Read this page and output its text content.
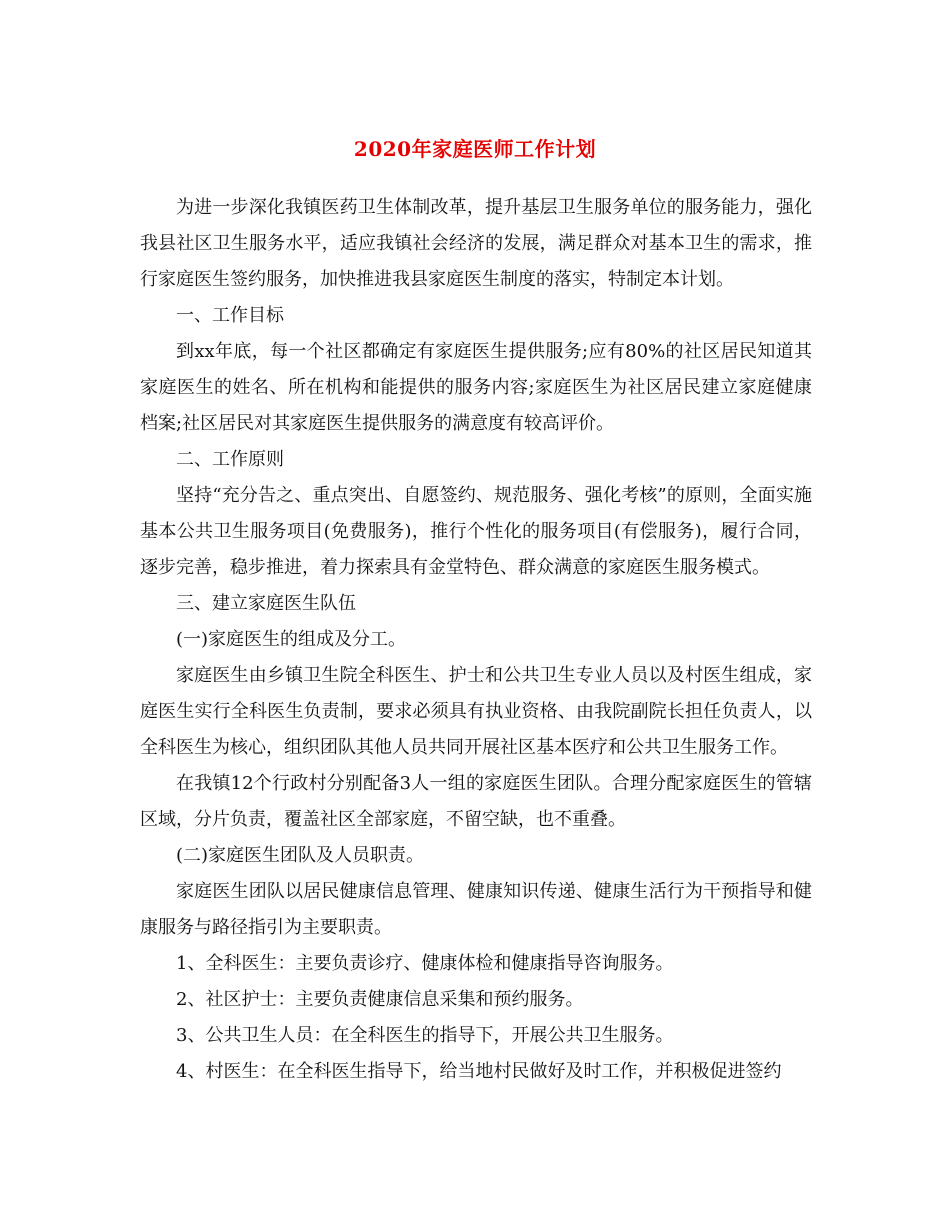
2020年家庭医师工作计划

为进一步深化我镇医药卫生体制改革，提升基层卫生服务单位的服务能力，强化我县社区卫生服务水平，适应我镇社会经济的发展，满足群众对基本卫生的需求，推行家庭医生签约服务，加快推进我县家庭医生制度的落实，特制定本计划。

一、工作目标

到xx年底，每一个社区都确定有家庭医生提供服务;应有80%的社区居民知道其家庭医生的姓名、所在机构和能提供的服务内容;家庭医生为社区居民建立家庭健康档案;社区居民对其家庭医生提供服务的满意度有较高评价。

二、工作原则

坚持“充分告之、重点突出、自愿签约、规范服务、强化考核”的原则，全面实施基本公共卫生服务项目(免费服务)，推行个性化的服务项目(有偿服务)，履行合同，逐步完善，稳步推进，着力探索具有金堂特色、群众满意的家庭医生服务模式。

三、建立家庭医生队伍

(一)家庭医生的组成及分工。

家庭医生由乡镇卫生院全科医生、护士和公共卫生专业人员以及村医生组成，家庭医生实行全科医生负责制，要求必须具有执业资格、由我院副院长担任负责人，以全科医生为核心，组织团队其他人员共同开展社区基本医疗和公共卫生服务工作。

在我镇12个行政村分别配备3人一组的家庭医生团队。合理分配家庭医生的管辖区域，分片负责，覆盖社区全部家庭，不留空缺，也不重叠。

(二)家庭医生团队及人员职责。

家庭医生团队以居民健康信息管理、健康知识传递、健康生活行为干预指导和健康服务与路径指引为主要职责。

1、全科医生：主要负责诊疗、健康体检和健康指导咨询服务。

2、社区护士：主要负责健康信息采集和预约服务。

3、公共卫生人员：在全科医生的指导下，开展公共卫生服务。

4、村医生：在全科医生指导下，给当地村民做好及时工作，并积极促进签约
